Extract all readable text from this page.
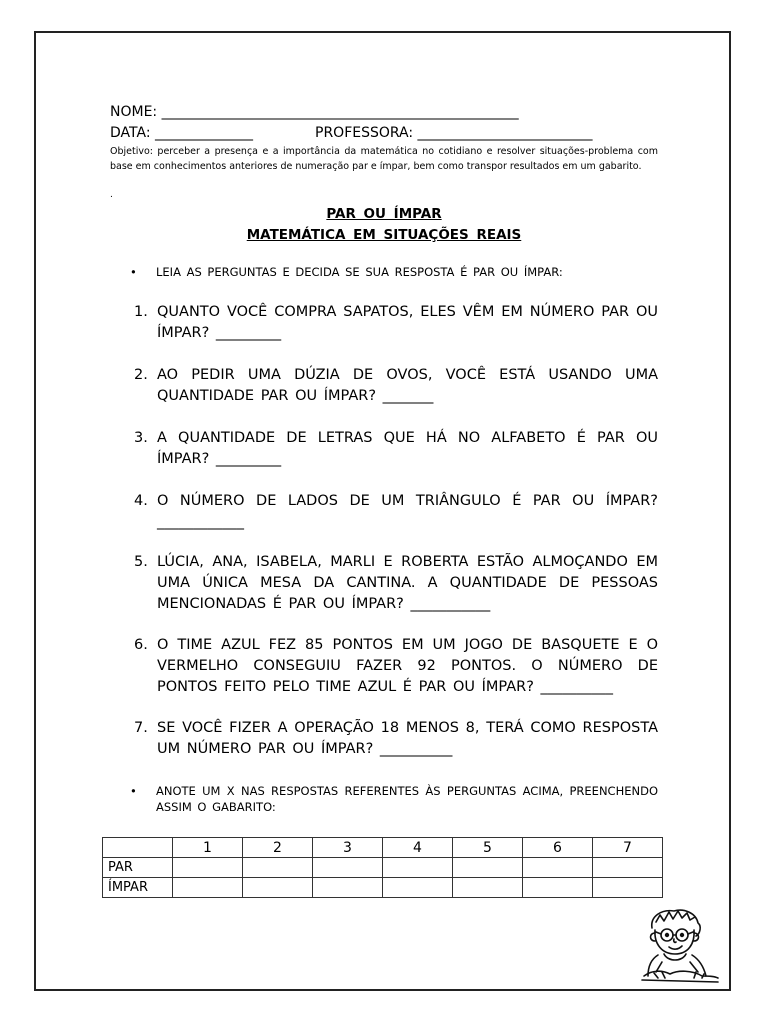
NOME: ___________________________________________________
DATA: ______________	PROFESSORA: _________________________
Objetivo: perceber a presença e a importância da matemática no cotidiano e resolver situações-problema com base em conhecimentos anteriores de numeração par e ímpar, bem como transpor resultados em um gabarito.
.
PAR OU ÍMPAR
MATEMÁTICA EM SITUAÇÕES REAIS
• LEIA AS PERGUNTAS E DECIDA SE SUA RESPOSTA É PAR OU ÍMPAR:
1. QUANTO VOCÊ COMPRA SAPATOS, ELES VÊM EM NÚMERO PAR OU ÍMPAR? _________
2. AO PEDIR UMA DÚZIA DE OVOS, VOCÊ ESTÁ USANDO UMA QUANTIDADE PAR OU ÍMPAR? _______
3. A QUANTIDADE DE LETRAS QUE HÁ NO ALFABETO É PAR OU ÍMPAR? _________
4. O NÚMERO DE LADOS DE UM TRIÂNGULO É PAR OU ÍMPAR? ____________
5. LÚCIA, ANA, ISABELA, MARLI E ROBERTA ESTÃO ALMOÇANDO EM UMA ÚNICA MESA DA CANTINA. A QUANTIDADE DE PESSOAS MENCIONADAS É PAR OU ÍMPAR? ___________
6. O TIME AZUL FEZ 85 PONTOS EM UM JOGO DE BASQUETE E O VERMELHO CONSEGUIU FAZER 92 PONTOS. O NÚMERO DE PONTOS FEITO PELO TIME AZUL É PAR OU ÍMPAR? __________
7. SE VOCÊ FIZER A OPERAÇÃO 18 MENOS 8, TERÁ COMO RESPOSTA UM NÚMERO PAR OU ÍMPAR? __________
• ANOTE UM X NAS RESPOSTAS REFERENTES ÀS PERGUNTAS ACIMA, PREENCHENDO ASSIM O GABARITO:
	1	2	3	4	5	6	7
PAR							
ÍMPAR							
